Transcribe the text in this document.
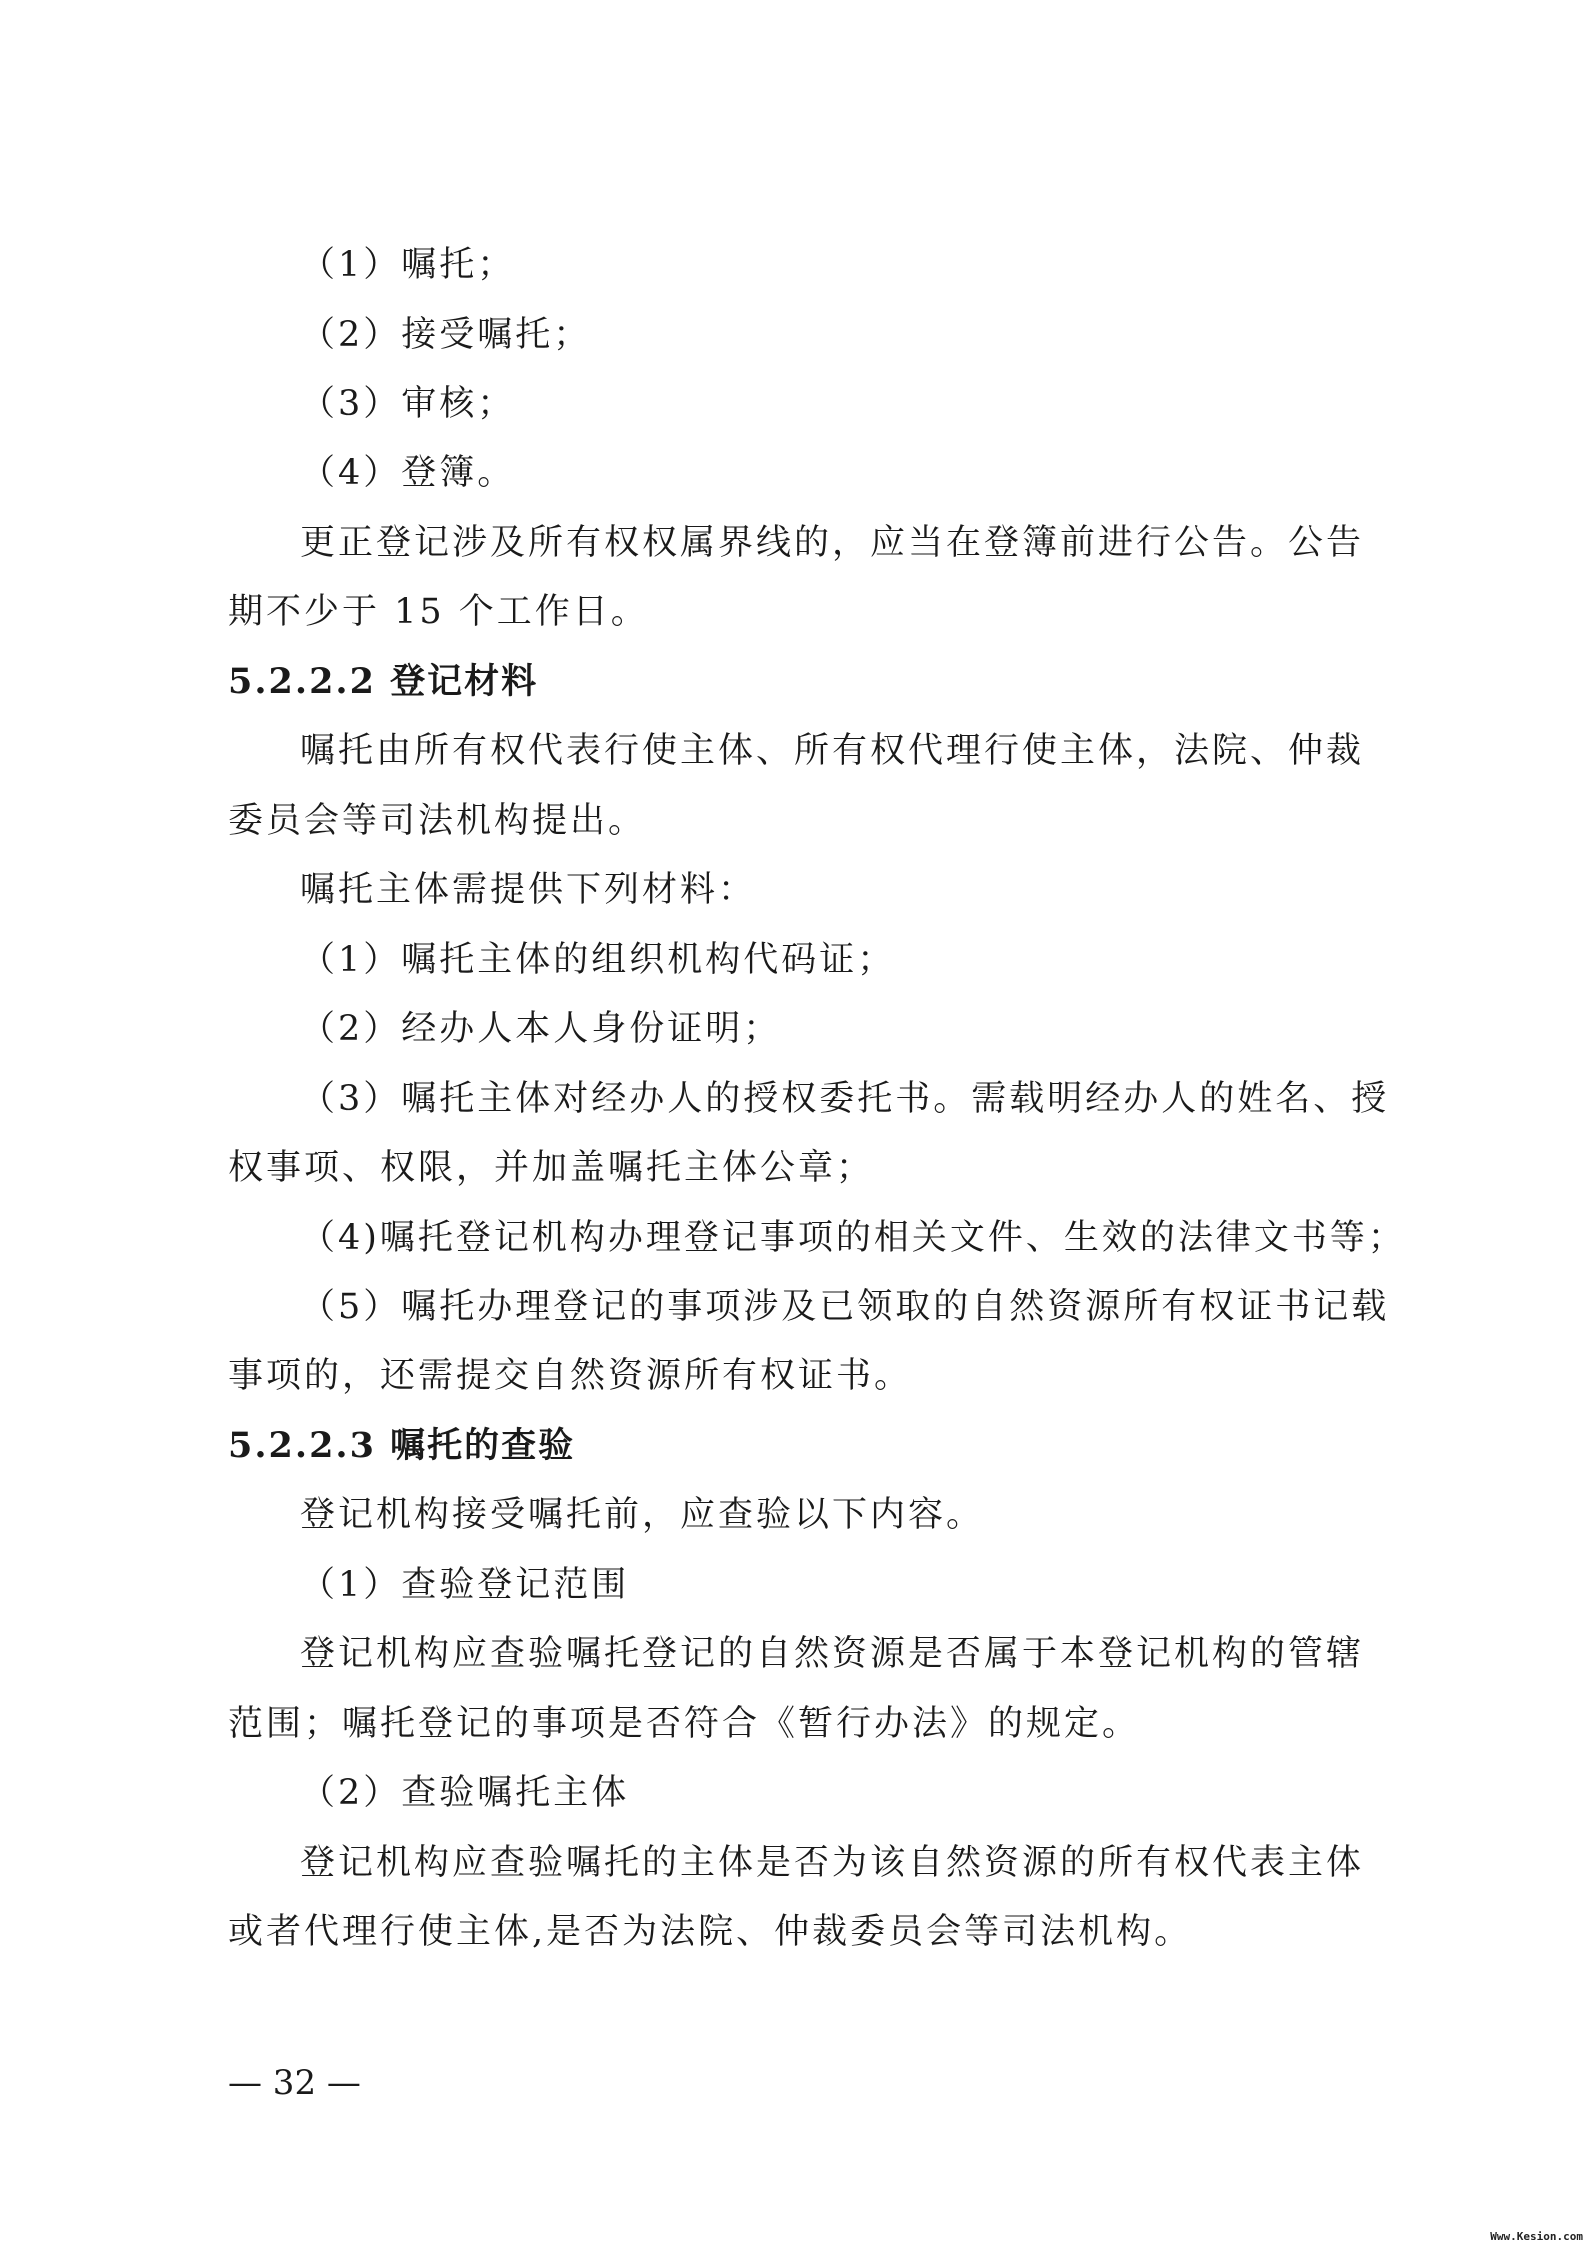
（1）嘱托；
（2）接受嘱托；
（3）审核；
（4）登簿。
更正登记涉及所有权权属界线的，应当在登簿前进行公告。公告
期不少于 15 个工作日。
5.2.2.2 登记材料
嘱托由所有权代表行使主体、所有权代理行使主体，法院、仲裁
委员会等司法机构提出。
嘱托主体需提供下列材料：
（1）嘱托主体的组织机构代码证；
（2）经办人本人身份证明；
（3）嘱托主体对经办人的授权委托书。需载明经办人的姓名、授
权事项、权限，并加盖嘱托主体公章；
（4)嘱托登记机构办理登记事项的相关文件、生效的法律文书等；
（5）嘱托办理登记的事项涉及已领取的自然资源所有权证书记载
事项的，还需提交自然资源所有权证书。
5.2.2.3 嘱托的查验
登记机构接受嘱托前，应查验以下内容。
（1）查验登记范围
登记机构应查验嘱托登记的自然资源是否属于本登记机构的管辖
范围；嘱托登记的事项是否符合《暂行办法》的规定。
（2）查验嘱托主体
登记机构应查验嘱托的主体是否为该自然资源的所有权代表主体
或者代理行使主体,是否为法院、仲裁委员会等司法机构。
— 32 —
Www.Kesion.com
